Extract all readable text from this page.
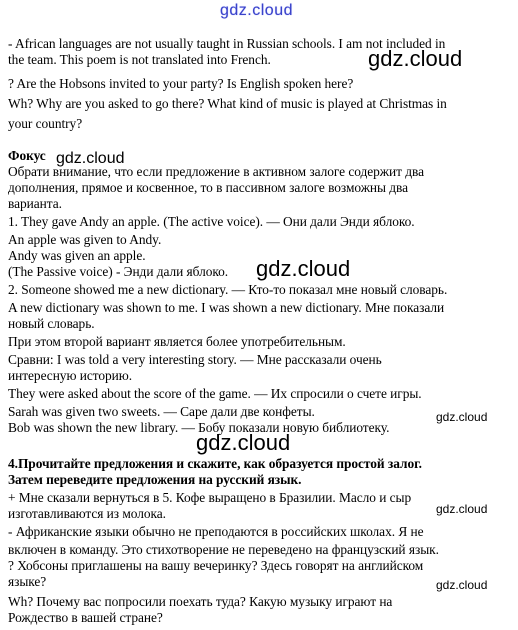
gdz.cloud
- African languages are not usually taught in Russian schools. I am not included in
the team. This poem is not translated into French.
? Are the Hobsons invited to your party? Is English spoken here?
Wh? Why are you asked to go there? What kind of music is played at Christmas in
your country?
Фокус
Обрати внимание, что если предложение в активном залоге содержит два
дополнения, прямое и косвенное, то в пассивном залоге возможны два
варианта.
1. They gave Andy an apple. (The active voice). — Они дали Энди яблоко.
An apple was given to Andy.
Andy was given an apple.
(The Passive voice) - Энди дали яблоко.
2. Someone showed me a new dictionary. — Кто-то показал мне новый словарь.
A new dictionary was shown to me. I was shown a new dictionary. Мне показали
новый словарь.
При этом второй вариант является более употребительным.
Сравни: I was told a very interesting story. — Мне рассказали очень
интересную историю.
They were asked about the score of the game. — Их спросили о счете игры.
Sarah was given two sweets. — Саре дали две конфеты.
Bob was shown the new library. — Бобу показали новую библиотеку.
4.Прочитайте предложения и скажите, как образуется простой залог.
Затем переведите предложения на русский язык.
+ Мне сказали вернуться в 5. Кофе выращено в Бразилии. Масло и сыр
изготавливаются из молока.
- Африканские языки обычно не преподаются в российских школах. Я не
включен в команду. Это стихотворение не переведено на французский язык.
? Хобсоны приглашены на вашу вечеринку? Здесь говорят на английском
языке?
Wh? Почему вас попросили поехать туда? Какую музыку играют на
Рождество в вашей стране?
gdz.cloud
gdz.cloud
gdz.cloud
gdz.cloud
gdz.cloud
gdz.cloud
gdz.cloud
